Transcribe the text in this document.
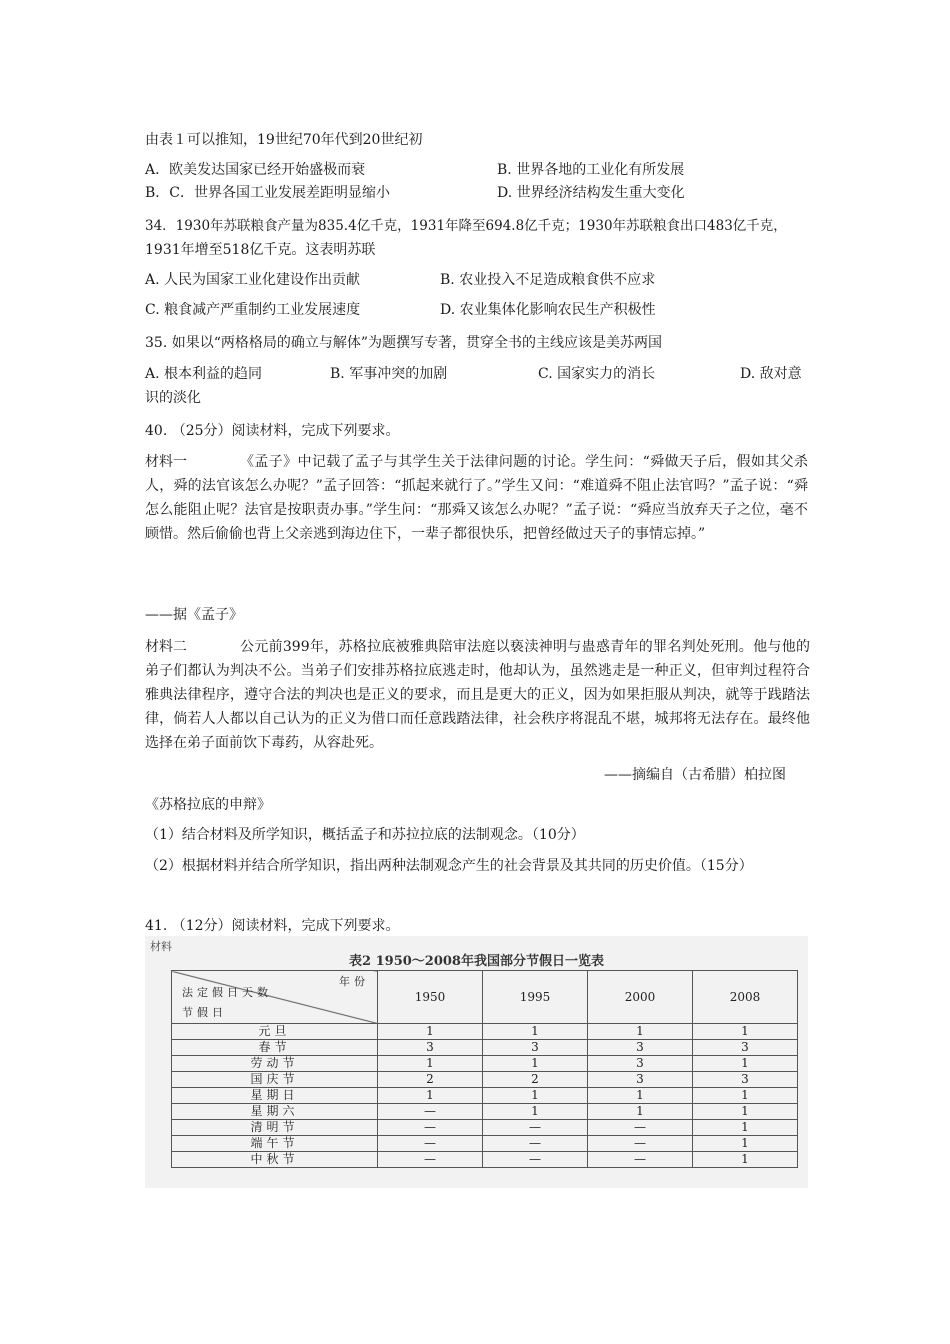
由表１可以推知，19世纪70年代到20世纪初
A．欧美发达国家已经开始盛极而衰	B. 世界各地的工业化有所发展
B．C．世界各国工业发展差距明显缩小	D. 世界经济结构发生重大变化
34．1930年苏联粮食产量为835.4亿千克，1931年降至694.8亿千克；1930年苏联粮食出口483亿千克，
1931年增至518亿千克。这表明苏联
A. 人民为国家工业化建设作出贡献	B. 农业投入不足造成粮食供不应求
C. 粮食减产严重制约工业发展速度	D. 农业集体化影响农民生产积极性
35. 如果以“两格格局的确立与解体”为题撰写专著，贯穿全书的主线应该是美苏两国
A. 根本利益的趋同	B. 军事冲突的加剧	C. 国家实力的消长	D. 敌对意
识的淡化
40. （25分）阅读材料，完成下列要求。
材料一	《孟子》中记载了孟子与其学生关于法律问题的讨论。学生问：“舜做天子后，假如其父杀人，舜的法官该怎么办呢？”孟子回答：“抓起来就行了。”学生又问：“难道舜不阻止法官吗？”孟子说：“舜怎么能阻止呢？法官是按职责办事。”学生问：“那舜又该怎么办呢？”孟子说：“舜应当放弃天子之位，毫不顾惜。然后偷偷也背上父亲逃到海边住下，一辈子都很快乐，把曾经做过天子的事情忘掉。”
——据《孟子》
材料二	公元前399年，苏格拉底被雅典陪审法庭以亵渎神明与蛊惑青年的罪名判处死刑。他与他的弟子们都认为判决不公。当弟子们安排苏格拉底逃走时，他却认为，虽然逃走是一种正义，但审判过程符合雅典法律程序，遵守合法的判决也是正义的要求，而且是更大的正义，因为如果拒服从判决，就等于践踏法律，倘若人人都以自己认为的正义为借口而任意践踏法律，社会秩序将混乱不堪，城邦将无法存在。最终他选择在弟子面前饮下毒药，从容赴死。
——摘编自（古希腊）柏拉图
《苏格拉底的申辩》
（1）结合材料及所学知识，概括孟子和苏拉拉底的法制观念。（10分）
（2）根据材料并结合所学知识，指出两种法制观念产生的社会背景及其共同的历史价值。（15分）
41. （12分）阅读材料，完成下列要求。
材料
表2 1950～2008年我国部分节假日一览表
年份
法定假日天数
节假日	1950	1995	2000	2008
元旦	1	1	1	1
春节	3	3	3	3
劳动节	1	1	3	1
国庆节	2	2	3	3
星期日	1	1	1	1
星期六	—	1	1	1
清明节	—	—	—	1
端午节	—	—	—	1
中秋节	—	—	—	1
